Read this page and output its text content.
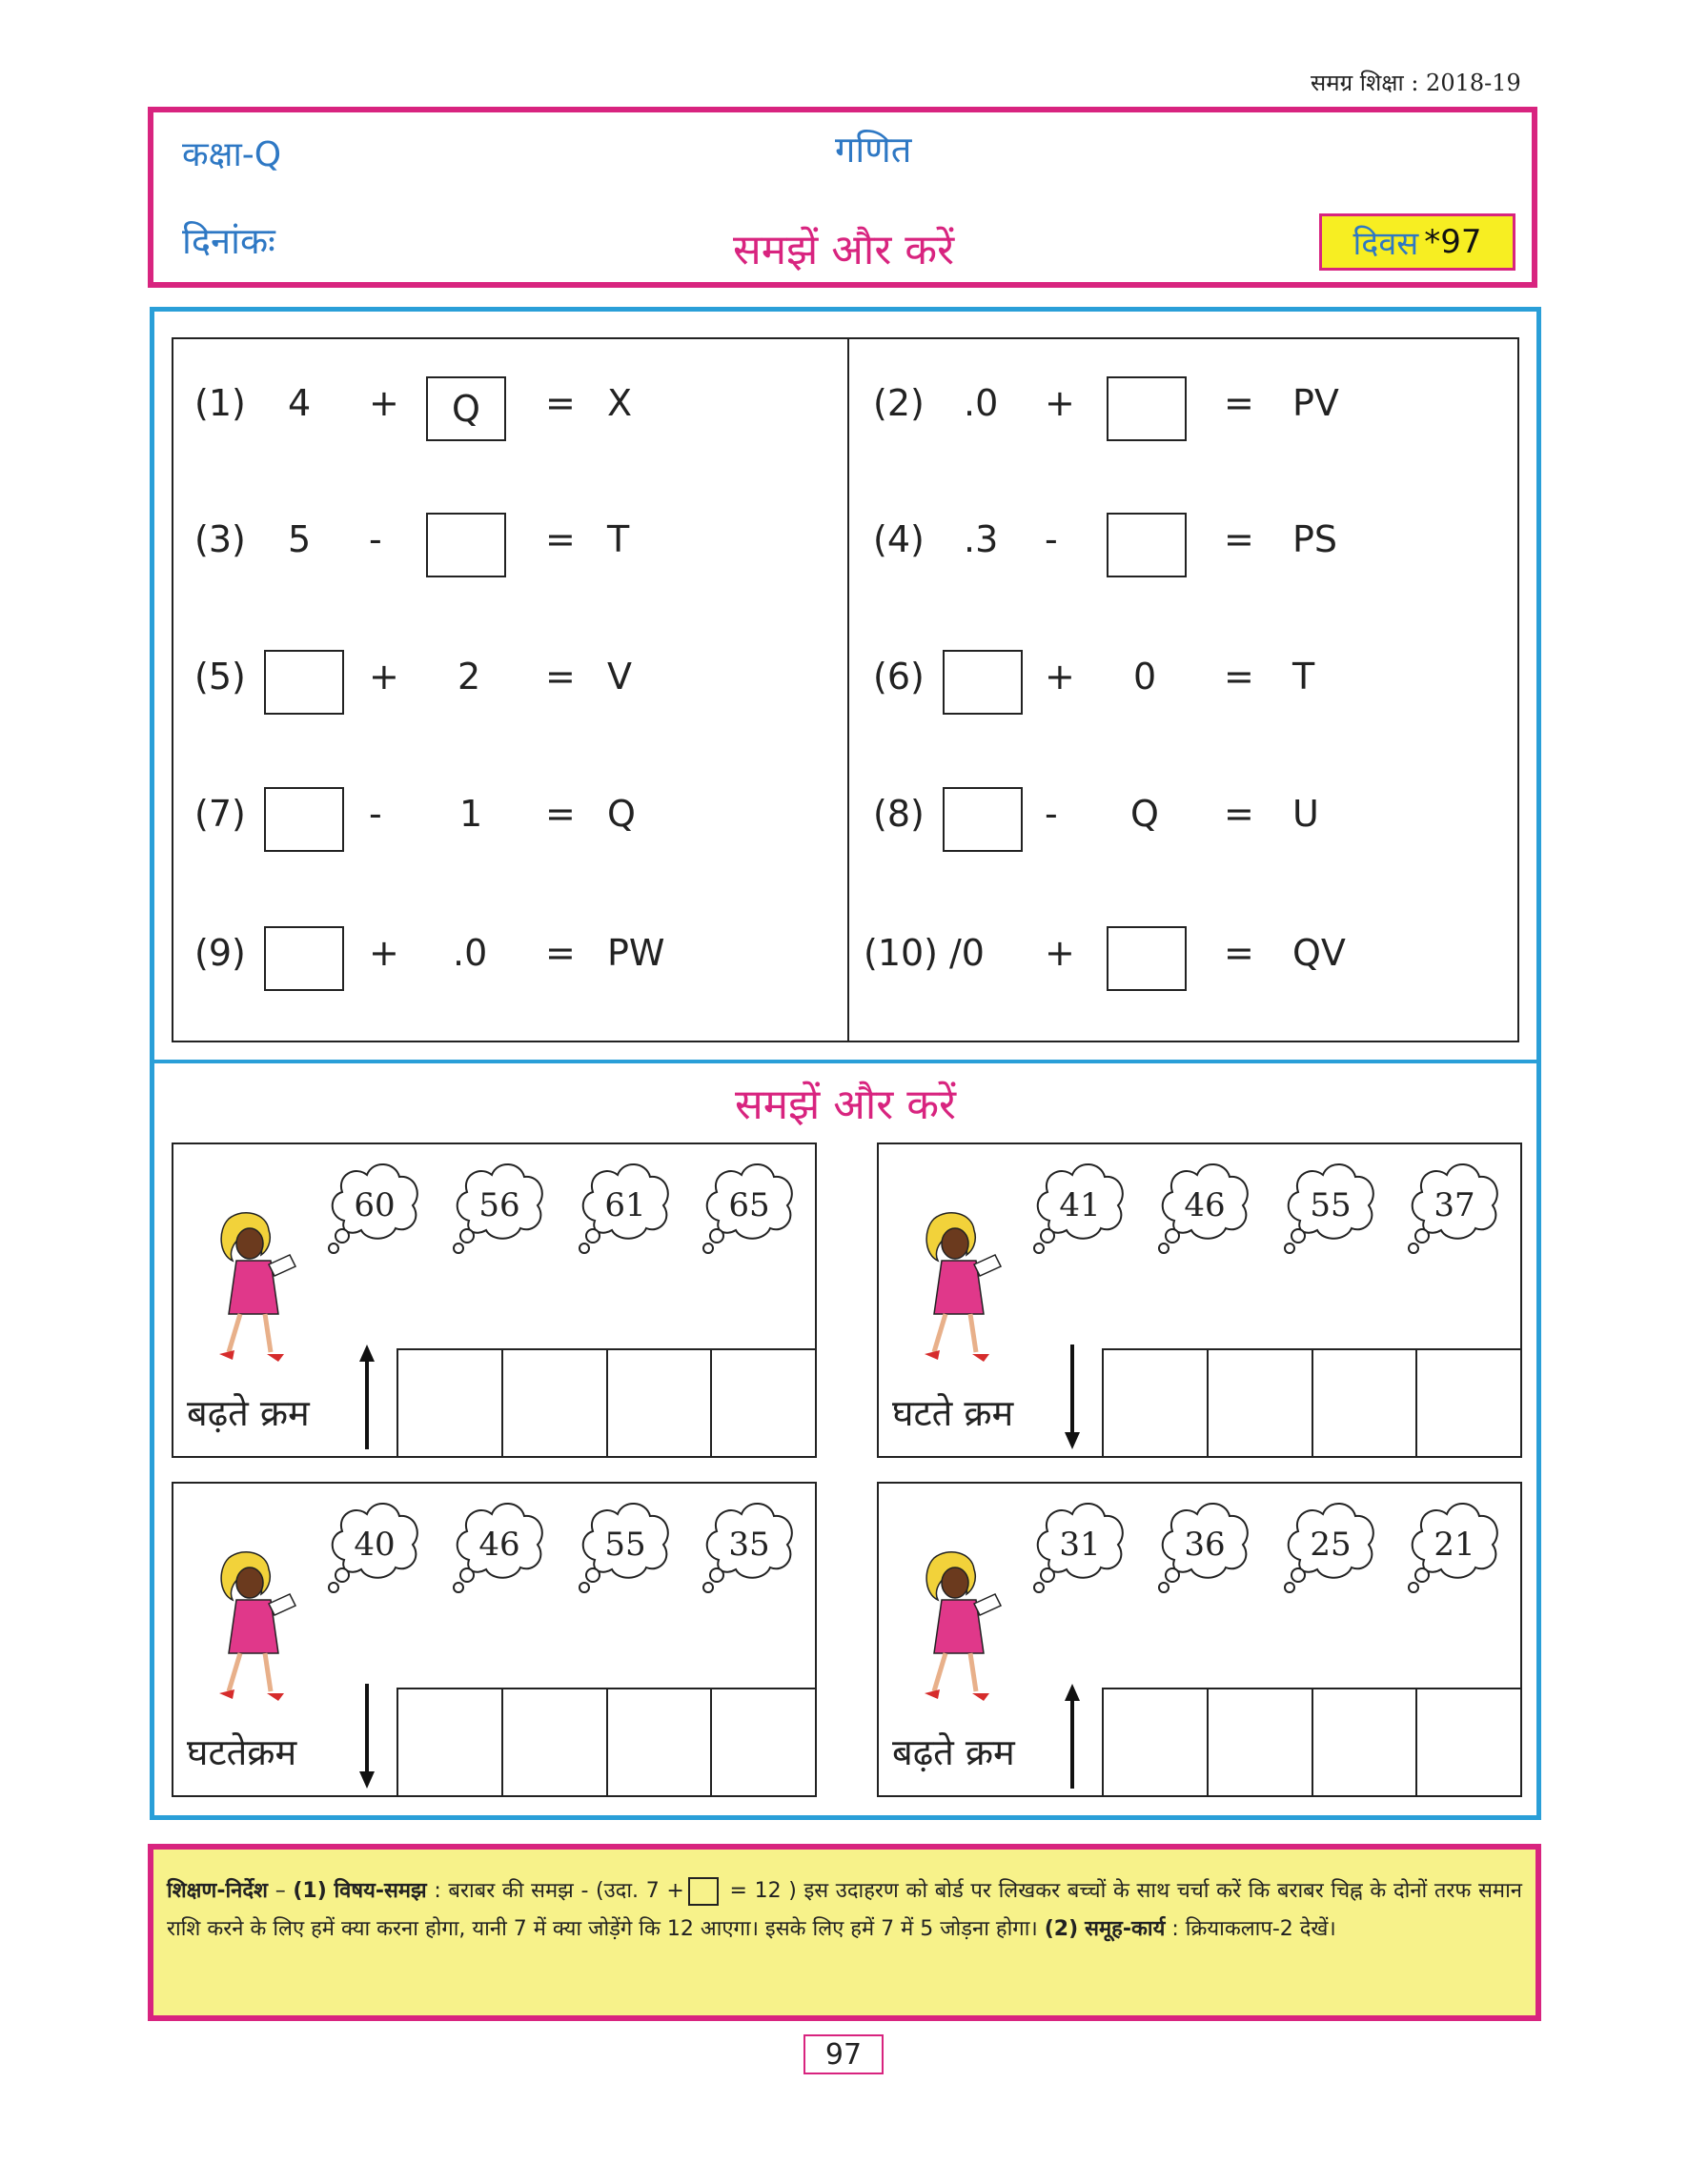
समग्र शिक्षा : 2018-19
कक्षा-Q	गणित
दिनांकः	समझें और करें	दिवस *97
(1) 4 +	Q	= X
(3) 5 -	= T
(5)	+ 2 = V
(7)	- 1 = Q
(9)	+ .0 = PW
(2) .0 +	= PV
(4) .3 -	= PS
(6)	+ 0 = T
(8)	- Q = U
(10) /0 +	= QV
समझें और करें
60	56	61	65
बढ़ते क्रम
41	46	55	37
घटते क्रम
40	46	55	35
घटतेक्रम
31	36	25	21
बढ़ते क्रम
शिक्षण-निर्देश – (1) विषय-समझ : बराबर की समझ - (उदा. 7 + = 12 ) इस उदाहरण को बोर्ड पर लिखकर बच्चों के साथ चर्चा करें कि बराबर चिह्न के दोनों तरफ समान राशि करने के लिए हमें क्या करना होगा, यानी 7 में क्या जोड़ेंगे कि 12 आएगा। इसके लिए हमें 7 में 5 जोड़ना होगा। (2) समूह-कार्य : क्रियाकलाप-2 देखें।
97
